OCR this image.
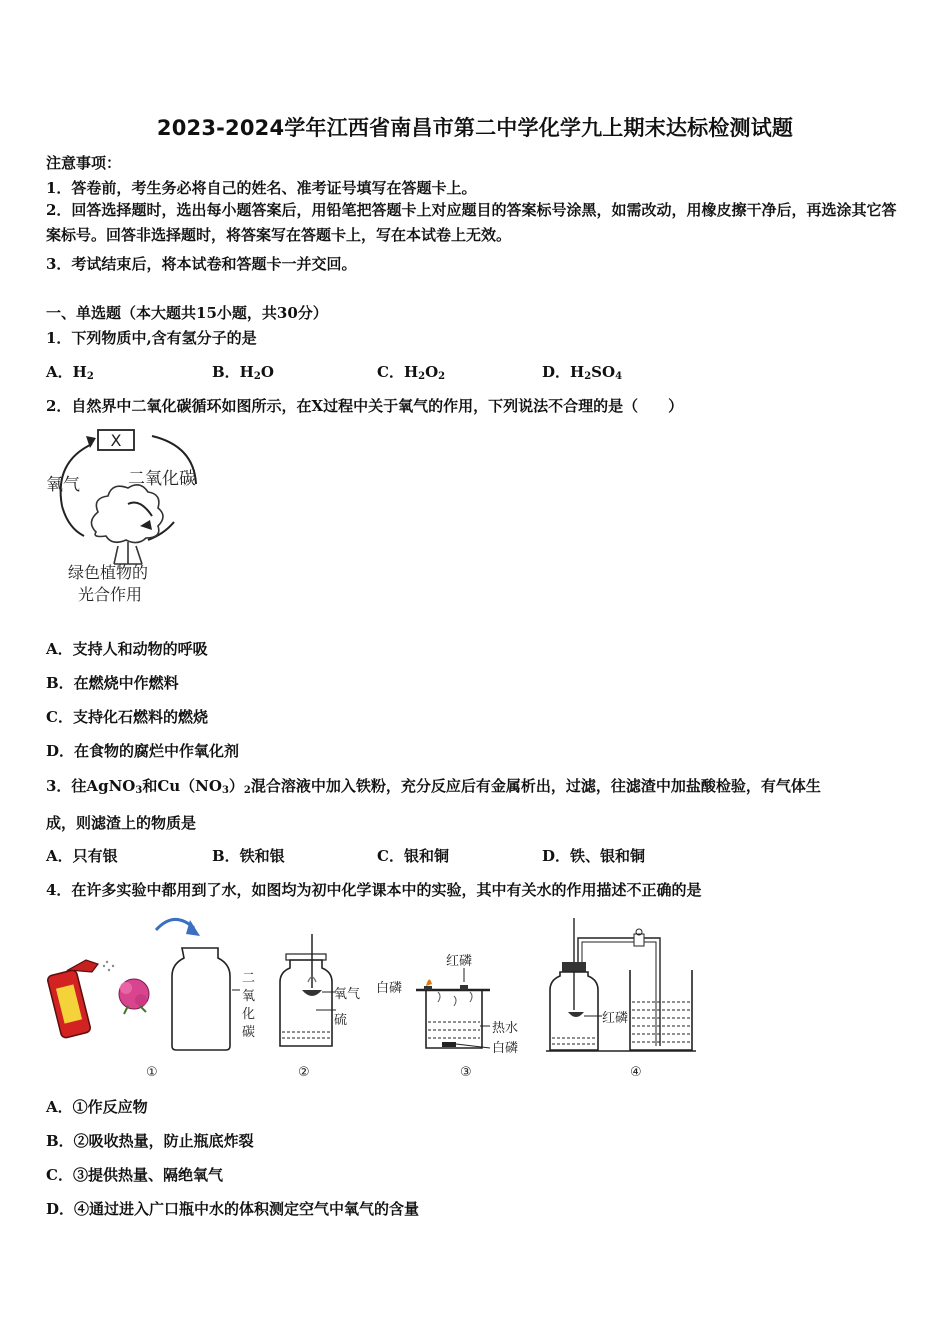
2023-2024学年江西省南昌市第二中学化学九上期末达标检测试题
注意事项：
1．答卷前，考生务必将自己的姓名、准考证号填写在答题卡上。
2．回答选择题时，选出每小题答案后，用铅笔把答题卡上对应题目的答案标号涂黑，如需改动，用橡皮擦干净后，再选涂其它答案标号。回答非选择题时，将答案写在答题卡上，写在本试卷上无效。
3．考试结束后，将本试卷和答题卡一并交回。
一、单选题（本大题共15小题，共30分）
1．下列物质中,含有氢分子的是
A．$H_2$	B．$H_2O$	C．$H_2O_2$	D．$H_2SO_4$
2．自然界中二氧化碳循环如图所示，在X过程中关于氧气的作用，下列说法不合理的是（　　）
X
氧气	二氧化碳
绿色植物的
光合作用
A．支持人和动物的呼吸
B．在燃烧中作燃料
C．支持化石燃料的燃烧
D．在食物的腐烂中作氧化剂
3．往AgNO$_3$和$Cu(NO_3)_2$混合溶液中加入铁粉，充分反应后有金属析出，过滤，往滤渣中加盐酸检验，有气体生
成，则滤渣上的物质是
A．只有银	B．铁和银	C．银和铜	D．铁、银和铜
4．在许多实验中都用到了水，如图均为初中化学课本中的实验，其中有关水的作用描述不正确的是
二
氧
化
碳
①
氧气
硫
②
红磷
白磷
热水
白磷
③
红磷
④
A．①作反应物
B．②吸收热量，防止瓶底炸裂
C．③提供热量、隔绝氧气
D．④通过进入广口瓶中水的体积测定空气中氧气的含量
